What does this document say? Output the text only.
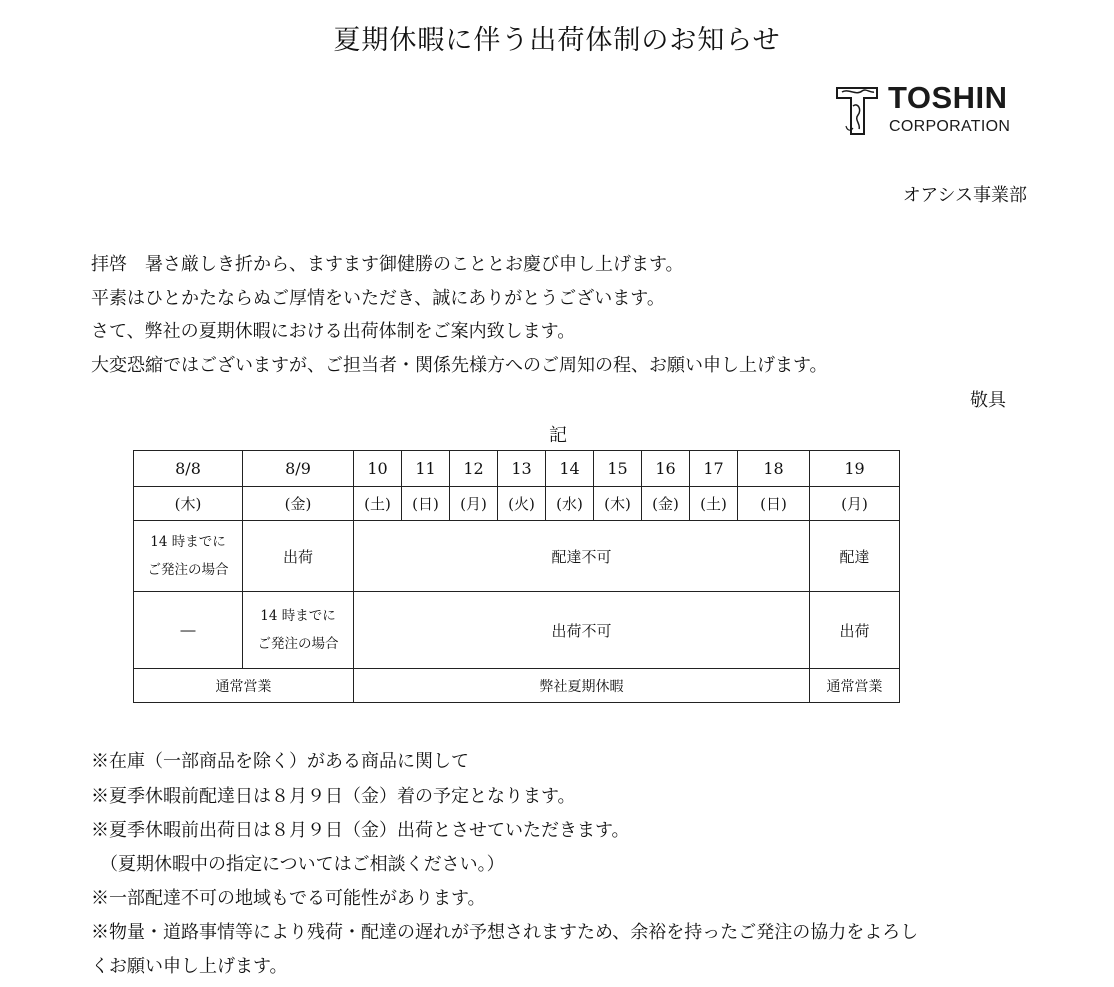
夏期休暇に伴う出荷体制のお知らせ
TOSHIN
CORPORATION
オアシス事業部
拝啓　暑さ厳しき折から、ますます御健勝のこととお慶び申し上げます。
平素はひとかたならぬご厚情をいただき、誠にありがとうございます。
さて、弊社の夏期休暇における出荷体制をご案内致します。
大変恐縮ではございますが、ご担当者・関係先様方へのご周知の程、お願い申し上げます。
敬具
記
8/8	8/9	10	11	12	13	14	15	16	17	18	19
(木)	(金)	(土)	(日)	(月)	(火)	(水)	(木)	(金)	(土)	(日)	(月)

14 時までに
ご発注の場合	出荷	配達不可									配達
―	14 時までに
ご発注の場合	出荷不可									出荷
通常営業		弊社夏期休暇									通常営業
※在庫（一部商品を除く）がある商品に関して
※夏季休暇前配達日は８月９日（金）着の予定となります。
※夏季休暇前出荷日は８月９日（金）出荷とさせていただきます。
　（夏期休暇中の指定についてはご相談ください。）
※一部配達不可の地域もでる可能性があります。
※物量・道路事情等により残荷・配達の遅れが予想されますため、余裕を持ったご発注の協力をよろし
くお願い申し上げます。
